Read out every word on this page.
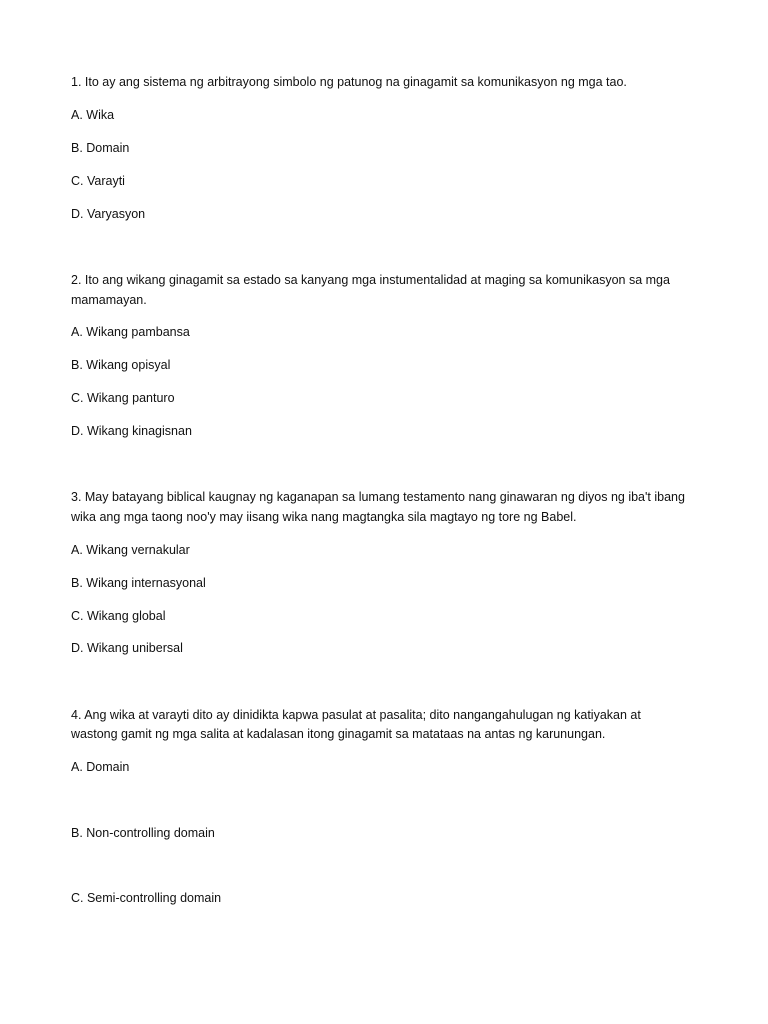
1. Ito ay ang sistema ng arbitrayong simbolo ng patunog na ginagamit sa komunikasyon ng mga tao.
A. Wika
B. Domain
C. Varayti
D. Varyasyon
2. Ito ang wikang ginagamit sa estado sa kanyang mga instumentalidad at maging sa komunikasyon sa mga
mamamayan.
A. Wikang pambansa
B. Wikang opisyal
C. Wikang panturo
D. Wikang kinagisnan
3. May batayang biblical kaugnay ng kaganapan sa lumang testamento nang ginawaran ng diyos ng iba't ibang
wika ang mga taong noo'y may iisang wika nang magtangka sila magtayo ng tore ng Babel.
A. Wikang vernakular
B. Wikang internasyonal
C. Wikang global
D. Wikang unibersal
4. Ang wika at varayti dito ay dinidikta kapwa pasulat at pasalita; dito nangangahulugan ng katiyakan at
wastong gamit ng mga salita at kadalasan itong ginagamit sa matataas na antas ng karunungan.
A. Domain
B. Non-controlling domain
C. Semi-controlling domain
